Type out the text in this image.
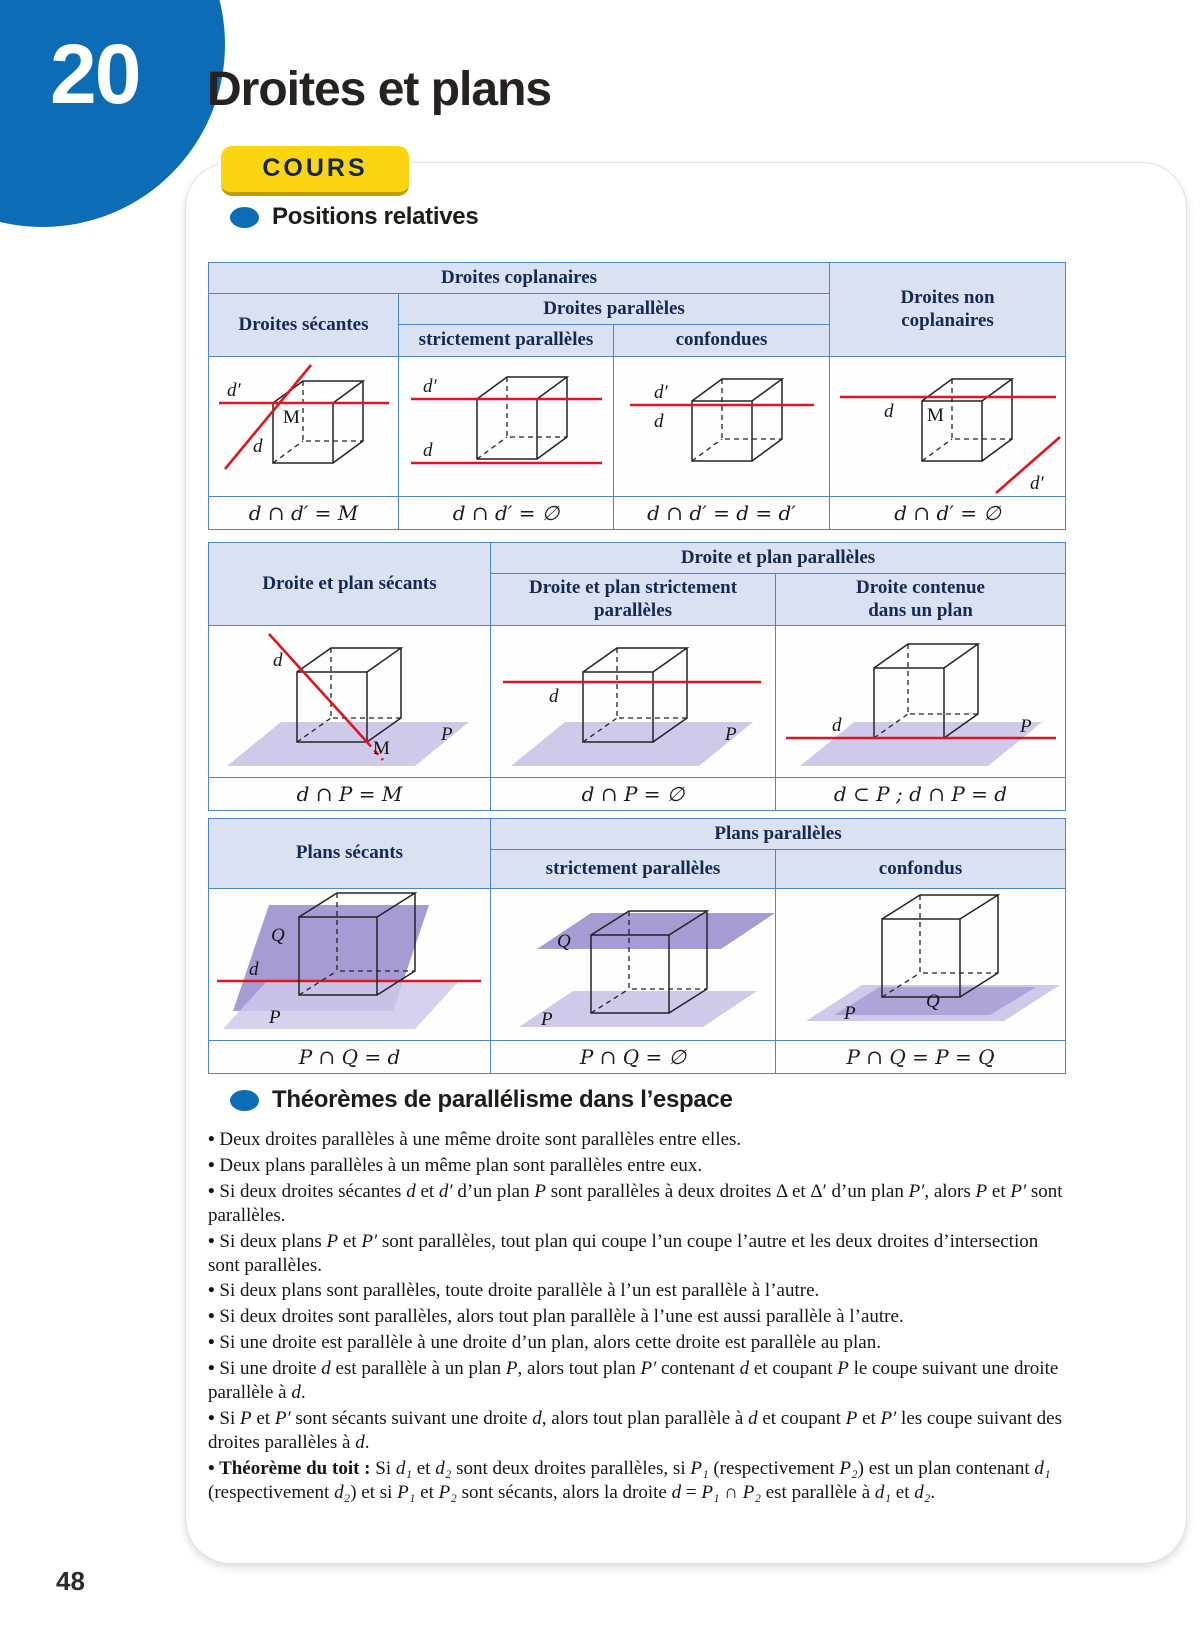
20 Droites et plans
COURS
Positions relatives
Droites coplanaires			Droites non coplanaires

Droites sécantes	Droites parallèles		
	strictement parallèles	confondues	

d′
d
M	d′
d	d′
d	d M
d′

d ∩ d′ = M	d ∩ d′ = ∅	d ∩ d′ = d = d′	d ∩ d′ = ∅
Droite et plan sécants	Droite et plan parallèles	

	Droite et plan strictement parallèles	Droite contenue dans un plan

d
P
M	d
P	d P

d ∩ P = M	d ∩ P = ∅	d ⊂ P ; d ∩ P = d
Plans sécants	Plans parallèles	
	strictement parallèles	confondus

Q
d
P	Q
P	P
Q

P ∩ Q = d	P ∩ Q = ∅	P ∩ Q = P = Q
Théorèmes de parallélisme dans l’espace
• Deux droites parallèles à une même droite sont parallèles entre elles.
• Deux plans parallèles à un même plan sont parallèles entre eux.
• Si deux droites sécantes d et d′ d’un plan P sont parallèles à deux droites Δ et Δ′ d’un plan P′, alors P et P′ sont parallèles.
• Si deux plans P et P′ sont parallèles, tout plan qui coupe l’un coupe l’autre et les deux droites d’intersection sont parallèles.
• Si deux plans sont parallèles, toute droite parallèle à l’un est parallèle à l’autre.
• Si deux droites sont parallèles, alors tout plan parallèle à l’une est aussi parallèle à l’autre.
• Si une droite est parallèle à une droite d’un plan, alors cette droite est parallèle au plan.
• Si une droite d est parallèle à un plan P, alors tout plan P′ contenant d et coupant P le coupe suivant une droite parallèle à d.
• Si P et P′ sont sécants suivant une droite d, alors tout plan parallèle à d et coupant P et P′ les coupe suivant des droites parallèles à d.
• Théorème du toit : Si d₁ et d₂ sont deux droites parallèles, si P₁ (respectivement P₂) est un plan contenant d₁ (respectivement d₂) et si P₁ et P₂ sont sécants, alors la droite d = P₁ ∩ P₂ est parallèle à d₁ et d₂.
48
